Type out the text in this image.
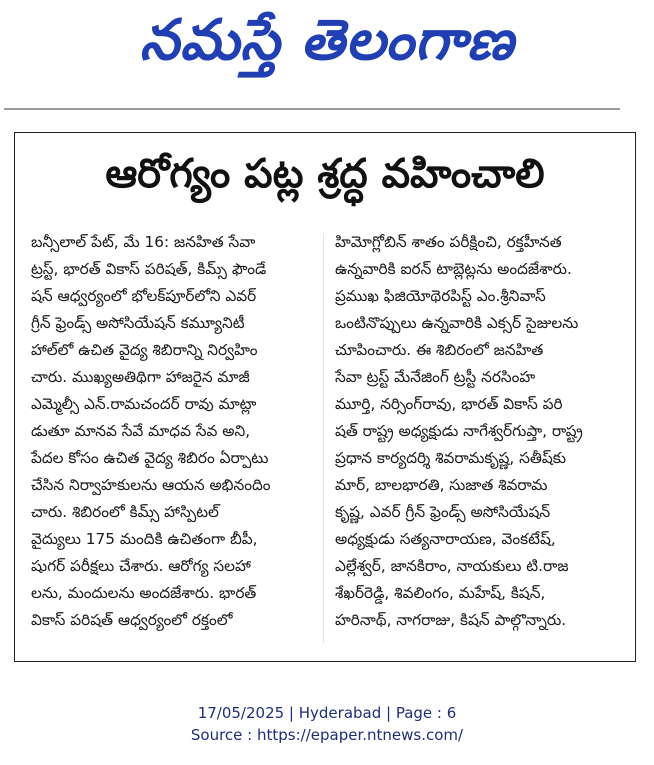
నమస్తే తెలంగాణ
ఆరోగ్యం పట్ల శ్రద్ధ వహించాలి
బన్సీలాల్ పేట్, మే 16: జనహిత సేవా
ట్రస్ట్, భారత్ వికాస్ పరిషత్, కిమ్స్ ఫౌండే
షన్ ఆధ్వర్యంలో భోలక్‌పూర్‌లోని ఎవర్
గ్రీన్ ఫ్రెండ్స్ అసోసియేషన్ కమ్యూనిటీ
హాల్‌లో ఉచిత వైద్య శిబిరాన్ని నిర్వహిం
చారు. ముఖ్యఅతిథిగా హాజరైన మాజీ
ఎమ్మెల్సీ ఎన్.రామచందర్ రావు మాట్లా
డుతూ మానవ సేవే మాధవ సేవ అని,
పేదల కోసం ఉచిత వైద్య శిబిరం ఏర్పాటు
చేసిన నిర్వాహకులను ఆయన అభినందిం
చారు. శిబిరంలో కిమ్స్ హాస్పిటల్
వైద్యులు 175 మందికి ఉచితంగా బీపీ,
షుగర్ పరీక్షలు చేశారు. ఆరోగ్య సలహా
లను, మందులను అందజేశారు. భారత్
వికాస్ పరిషత్ ఆధ్వర్యంలో రక్తంలో
హిమోగ్లోబిన్ శాతం పరీక్షించి, రక్తహీనత
ఉన్నవారికి ఐరన్ టాబ్లెట్లను అందజేశారు.
ప్రముఖ ఫిజియోథెరపిస్ట్ ఎం.శ్రీనివాస్
ఒంటినొప్పులు ఉన్నవారికి ఎక్సర్ సైజులను
చూపించారు. ఈ శిబిరంలో జనహిత
సేవా ట్రస్ట్ మేనేజింగ్ ట్రస్టీ నరసింహ
మూర్తి, నర్సింగ్‌రావు, భారత్ వికాస్ పరి
షత్ రాష్ట్ర అధ్యక్షుడు నాగేశ్వర్‌గుప్తా, రాష్ట్ర
ప్రధాన కార్యదర్శి శివరామకృష్ణ, సతీష్‌కు
మార్, బాలభారతి, సుజాత శివరామ
కృష్ణ, ఎవర్ గ్రీన్ ఫ్రెండ్స్ అసోసియేషన్
అధ్యక్షుడు సత్యనారాయణ, వెంకటేష్,
ఎల్లేశ్వర్, జానకిరాం, నాయకులు టి.రాజ
శేఖర్‌రెడ్డి, శివలింగం, మహేష్, కిషన్,
హరినాథ్, నాగరాజు, కిషన్ పాల్గొన్నారు.
17/05/2025 | Hyderabad | Page : 6
Source : https://epaper.ntnews.com/
